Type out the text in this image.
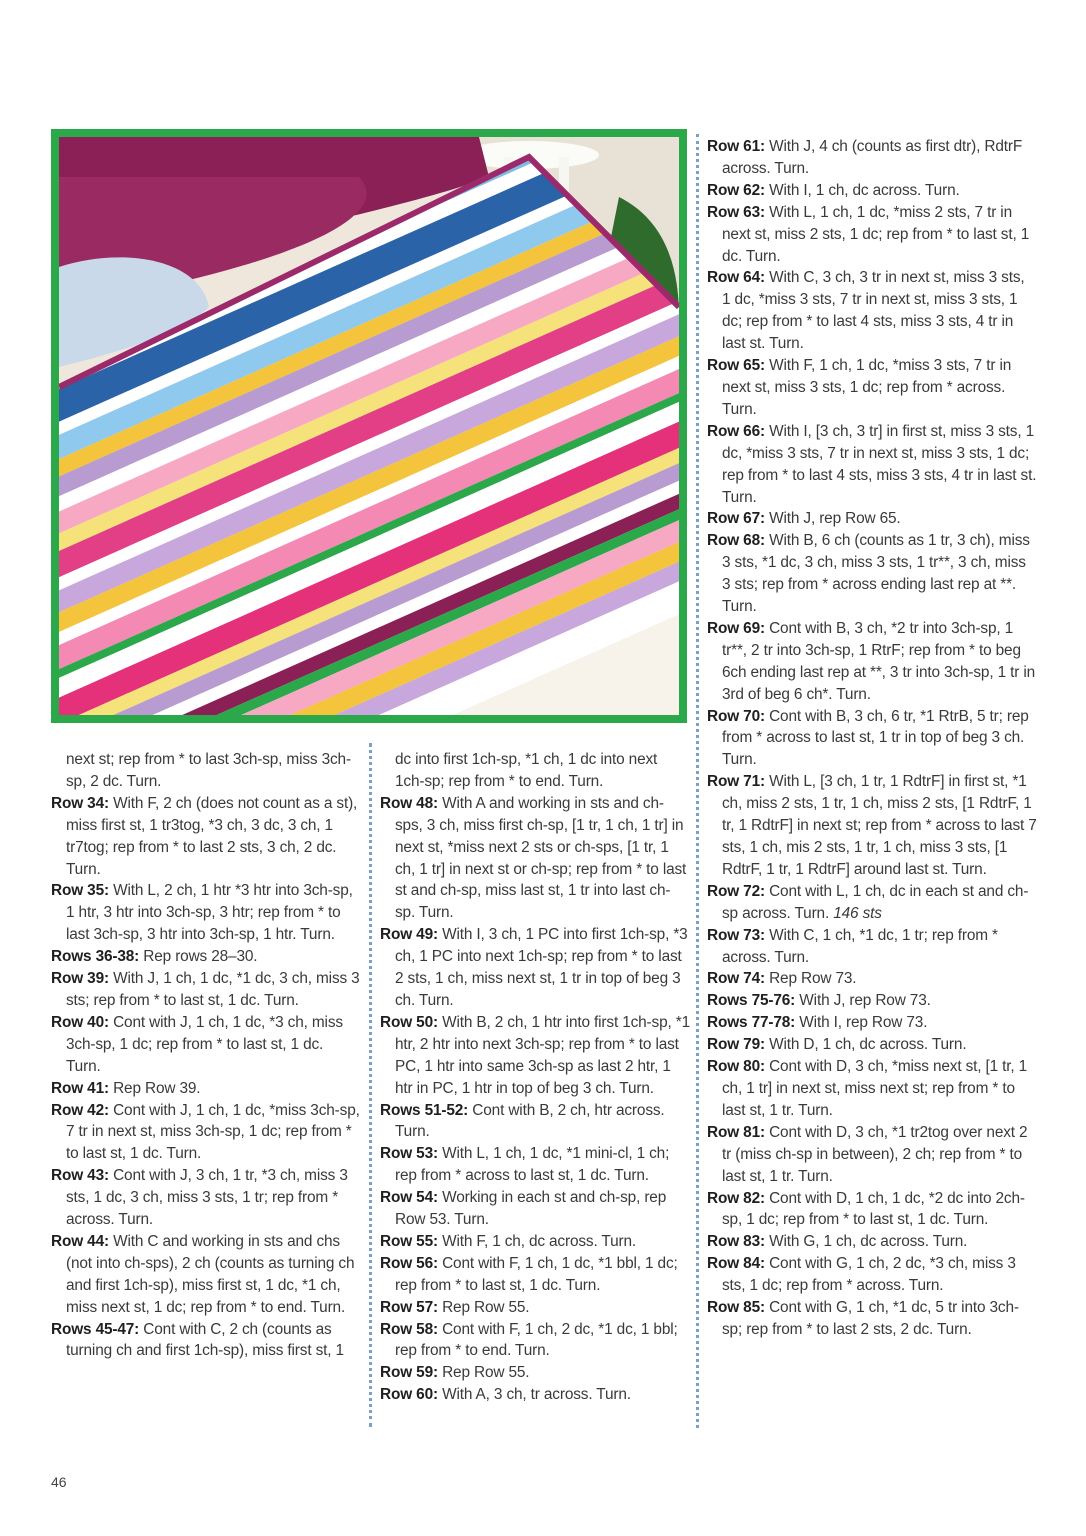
next st; rep from * to last 3ch-sp, miss 3ch-sp, 2 dc. Turn.

Row 34: With F, 2 ch (does not count as a st), miss first st, 1 tr3tog, *3 ch, 3 dc, 3 ch, 1 tr7tog; rep from * to last 2 sts, 3 ch, 2 dc. Turn.

Row 35: With L, 2 ch, 1 htr *3 htr into 3ch-sp, 1 htr, 3 htr into 3ch-sp, 3 htr; rep from * to last 3ch-sp, 3 htr into 3ch-sp, 1 htr. Turn.

Rows 36-38: Rep rows 28–30.

Row 39: With J, 1 ch, 1 dc, *1 dc, 3 ch, miss 3 sts; rep from * to last st, 1 dc. Turn.

Row 40: Cont with J, 1 ch, 1 dc, *3 ch, miss 3ch-sp, 1 dc; rep from * to last st, 1 dc. Turn.

Row 41: Rep Row 39.

Row 42: Cont with J, 1 ch, 1 dc, *miss 3ch-sp, 7 tr in next st, miss 3ch-sp, 1 dc; rep from * to last st, 1 dc. Turn.

Row 43: Cont with J, 3 ch, 1 tr, *3 ch, miss 3 sts, 1 dc, 3 ch, miss 3 sts, 1 tr; rep from * across. Turn.

Row 44: With C and working in sts and chs (not into ch-sps), 2 ch (counts as turning ch and first 1ch-sp), miss first st, 1 dc, *1 ch, miss next st, 1 dc; rep from * to end. Turn.

Rows 45-47: Cont with C, 2 ch (counts as turning ch and first 1ch-sp), miss first st, 1

dc into first 1ch-sp, *1 ch, 1 dc into next 1ch-sp; rep from * to end. Turn.

Row 48: With A and working in sts and ch-sps, 3 ch, miss first ch-sp, [1 tr, 1 ch, 1 tr] in next st, *miss next 2 sts or ch-sps, [1 tr, 1 ch, 1 tr] in next st or ch-sp; rep from * to last st and ch-sp, miss last st, 1 tr into last ch-sp. Turn.

Row 49: With I, 3 ch, 1 PC into first 1ch-sp, *3 ch, 1 PC into next 1ch-sp; rep from * to last 2 sts, 1 ch, miss next st, 1 tr in top of beg 3 ch. Turn.

Row 50: With B, 2 ch, 1 htr into first 1ch-sp, *1 htr, 2 htr into next 3ch-sp; rep from * to last PC, 1 htr into same 3ch-sp as last 2 htr, 1 htr in PC, 1 htr in top of beg 3 ch. Turn.

Rows 51-52: Cont with B, 2 ch, htr across. Turn.

Row 53: With L, 1 ch, 1 dc, *1 mini-cl, 1 ch; rep from * across to last st, 1 dc. Turn.

Row 54: Working in each st and ch-sp, rep Row 53. Turn.

Row 55: With F, 1 ch, dc across. Turn.

Row 56: Cont with F, 1 ch, 1 dc, *1 bbl, 1 dc; rep from * to last st, 1 dc. Turn.

Row 57: Rep Row 55.

Row 58: Cont with F, 1 ch, 2 dc, *1 dc, 1 bbl; rep from * to end. Turn.

Row 59: Rep Row 55.

Row 60: With A, 3 ch, tr across. Turn.

Row 61: With J, 4 ch (counts as first dtr), RdtrF across. Turn.

Row 62: With I, 1 ch, dc across. Turn.

Row 63: With L, 1 ch, 1 dc, *miss 2 sts, 7 tr in next st, miss 2 sts, 1 dc; rep from * to last st, 1 dc. Turn.

Row 64: With C, 3 ch, 3 tr in next st, miss 3 sts, 1 dc, *miss 3 sts, 7 tr in next st, miss 3 sts, 1 dc; rep from * to last 4 sts, miss 3 sts, 4 tr in last st. Turn.

Row 65: With F, 1 ch, 1 dc, *miss 3 sts, 7 tr in next st, miss 3 sts, 1 dc; rep from * across. Turn.

Row 66: With I, [3 ch, 3 tr] in first st, miss 3 sts, 1 dc, *miss 3 sts, 7 tr in next st, miss 3 sts, 1 dc; rep from * to last 4 sts, miss 3 sts, 4 tr in last st. Turn.

Row 67: With J, rep Row 65.

Row 68: With B, 6 ch (counts as 1 tr, 3 ch), miss 3 sts, *1 dc, 3 ch, miss 3 sts, 1 tr**, 3 ch, miss 3 sts; rep from * across ending last rep at **. Turn.

Row 69: Cont with B, 3 ch, *2 tr into 3ch-sp, 1 tr**, 2 tr into 3ch-sp, 1 RtrF; rep from * to beg 6ch ending last rep at **, 3 tr into 3ch-sp, 1 tr in 3rd of beg 6 ch*. Turn.

Row 70: Cont with B, 3 ch, 6 tr, *1 RtrB, 5 tr; rep from * across to last st, 1 tr in top of beg 3 ch. Turn.

Row 71: With L, [3 ch, 1 tr, 1 RdtrF] in first st, *1 ch, miss 2 sts, 1 tr, 1 ch, miss 2 sts, [1 RdtrF, 1 tr, 1 RdtrF] in next st; rep from * across to last 7 sts, 1 ch, mis 2 sts, 1 tr, 1 ch, miss 3 sts, [1 RdtrF, 1 tr, 1 RdtrF] around last st. Turn.

Row 72: Cont with L, 1 ch, dc in each st and ch-sp across. Turn. 146 sts

Row 73: With C, 1 ch, *1 dc, 1 tr; rep from * across. Turn.

Row 74: Rep Row 73.

Rows 75-76: With J, rep Row 73.

Rows 77-78: With I, rep Row 73.

Row 79: With D, 1 ch, dc across. Turn.

Row 80: Cont with D, 3 ch, *miss next st, [1 tr, 1 ch, 1 tr] in next st, miss next st; rep from * to last st, 1 tr. Turn.

Row 81: Cont with D, 3 ch, *1 tr2tog over next 2 tr (miss ch-sp in between), 2 ch; rep from * to last st, 1 tr. Turn.

Row 82: Cont with D, 1 ch, 1 dc, *2 dc into 2ch-sp, 1 dc; rep from * to last st, 1 dc. Turn.

Row 83: With G, 1 ch, dc across. Turn.

Row 84: Cont with G, 1 ch, 2 dc, *3 ch, miss 3 sts, 1 dc; rep from * across. Turn.

Row 85: Cont with G, 1 ch, *1 dc, 5 tr into 3ch-sp; rep from * to last 2 sts, 2 dc. Turn.

46
